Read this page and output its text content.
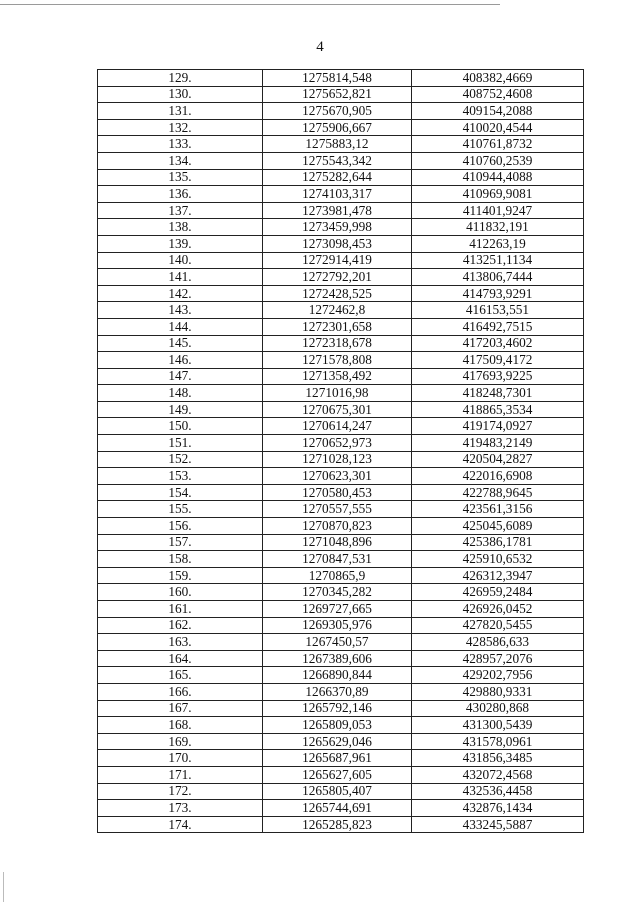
4
129.	1275814,548	408382,4669
130.	1275652,821	408752,4608
131.	1275670,905	409154,2088
132.	1275906,667	410020,4544
133.	1275883,12	410761,8732
134.	1275543,342	410760,2539
135.	1275282,644	410944,4088
136.	1274103,317	410969,9081
137.	1273981,478	411401,9247
138.	1273459,998	411832,191
139.	1273098,453	412263,19
140.	1272914,419	413251,1134
141.	1272792,201	413806,7444
142.	1272428,525	414793,9291
143.	1272462,8	416153,551
144.	1272301,658	416492,7515
145.	1272318,678	417203,4602
146.	1271578,808	417509,4172
147.	1271358,492	417693,9225
148.	1271016,98	418248,7301
149.	1270675,301	418865,3534
150.	1270614,247	419174,0927
151.	1270652,973	419483,2149
152.	1271028,123	420504,2827
153.	1270623,301	422016,6908
154.	1270580,453	422788,9645
155.	1270557,555	423561,3156
156.	1270870,823	425045,6089
157.	1271048,896	425386,1781
158.	1270847,531	425910,6532
159.	1270865,9	426312,3947
160.	1270345,282	426959,2484
161.	1269727,665	426926,0452
162.	1269305,976	427820,5455
163.	1267450,57	428586,633
164.	1267389,606	428957,2076
165.	1266890,844	429202,7956
166.	1266370,89	429880,9331
167.	1265792,146	430280,868
168.	1265809,053	431300,5439
169.	1265629,046	431578,0961
170.	1265687,961	431856,3485
171.	1265627,605	432072,4568
172.	1265805,407	432536,4458
173.	1265744,691	432876,1434
174.	1265285,823	433245,5887
